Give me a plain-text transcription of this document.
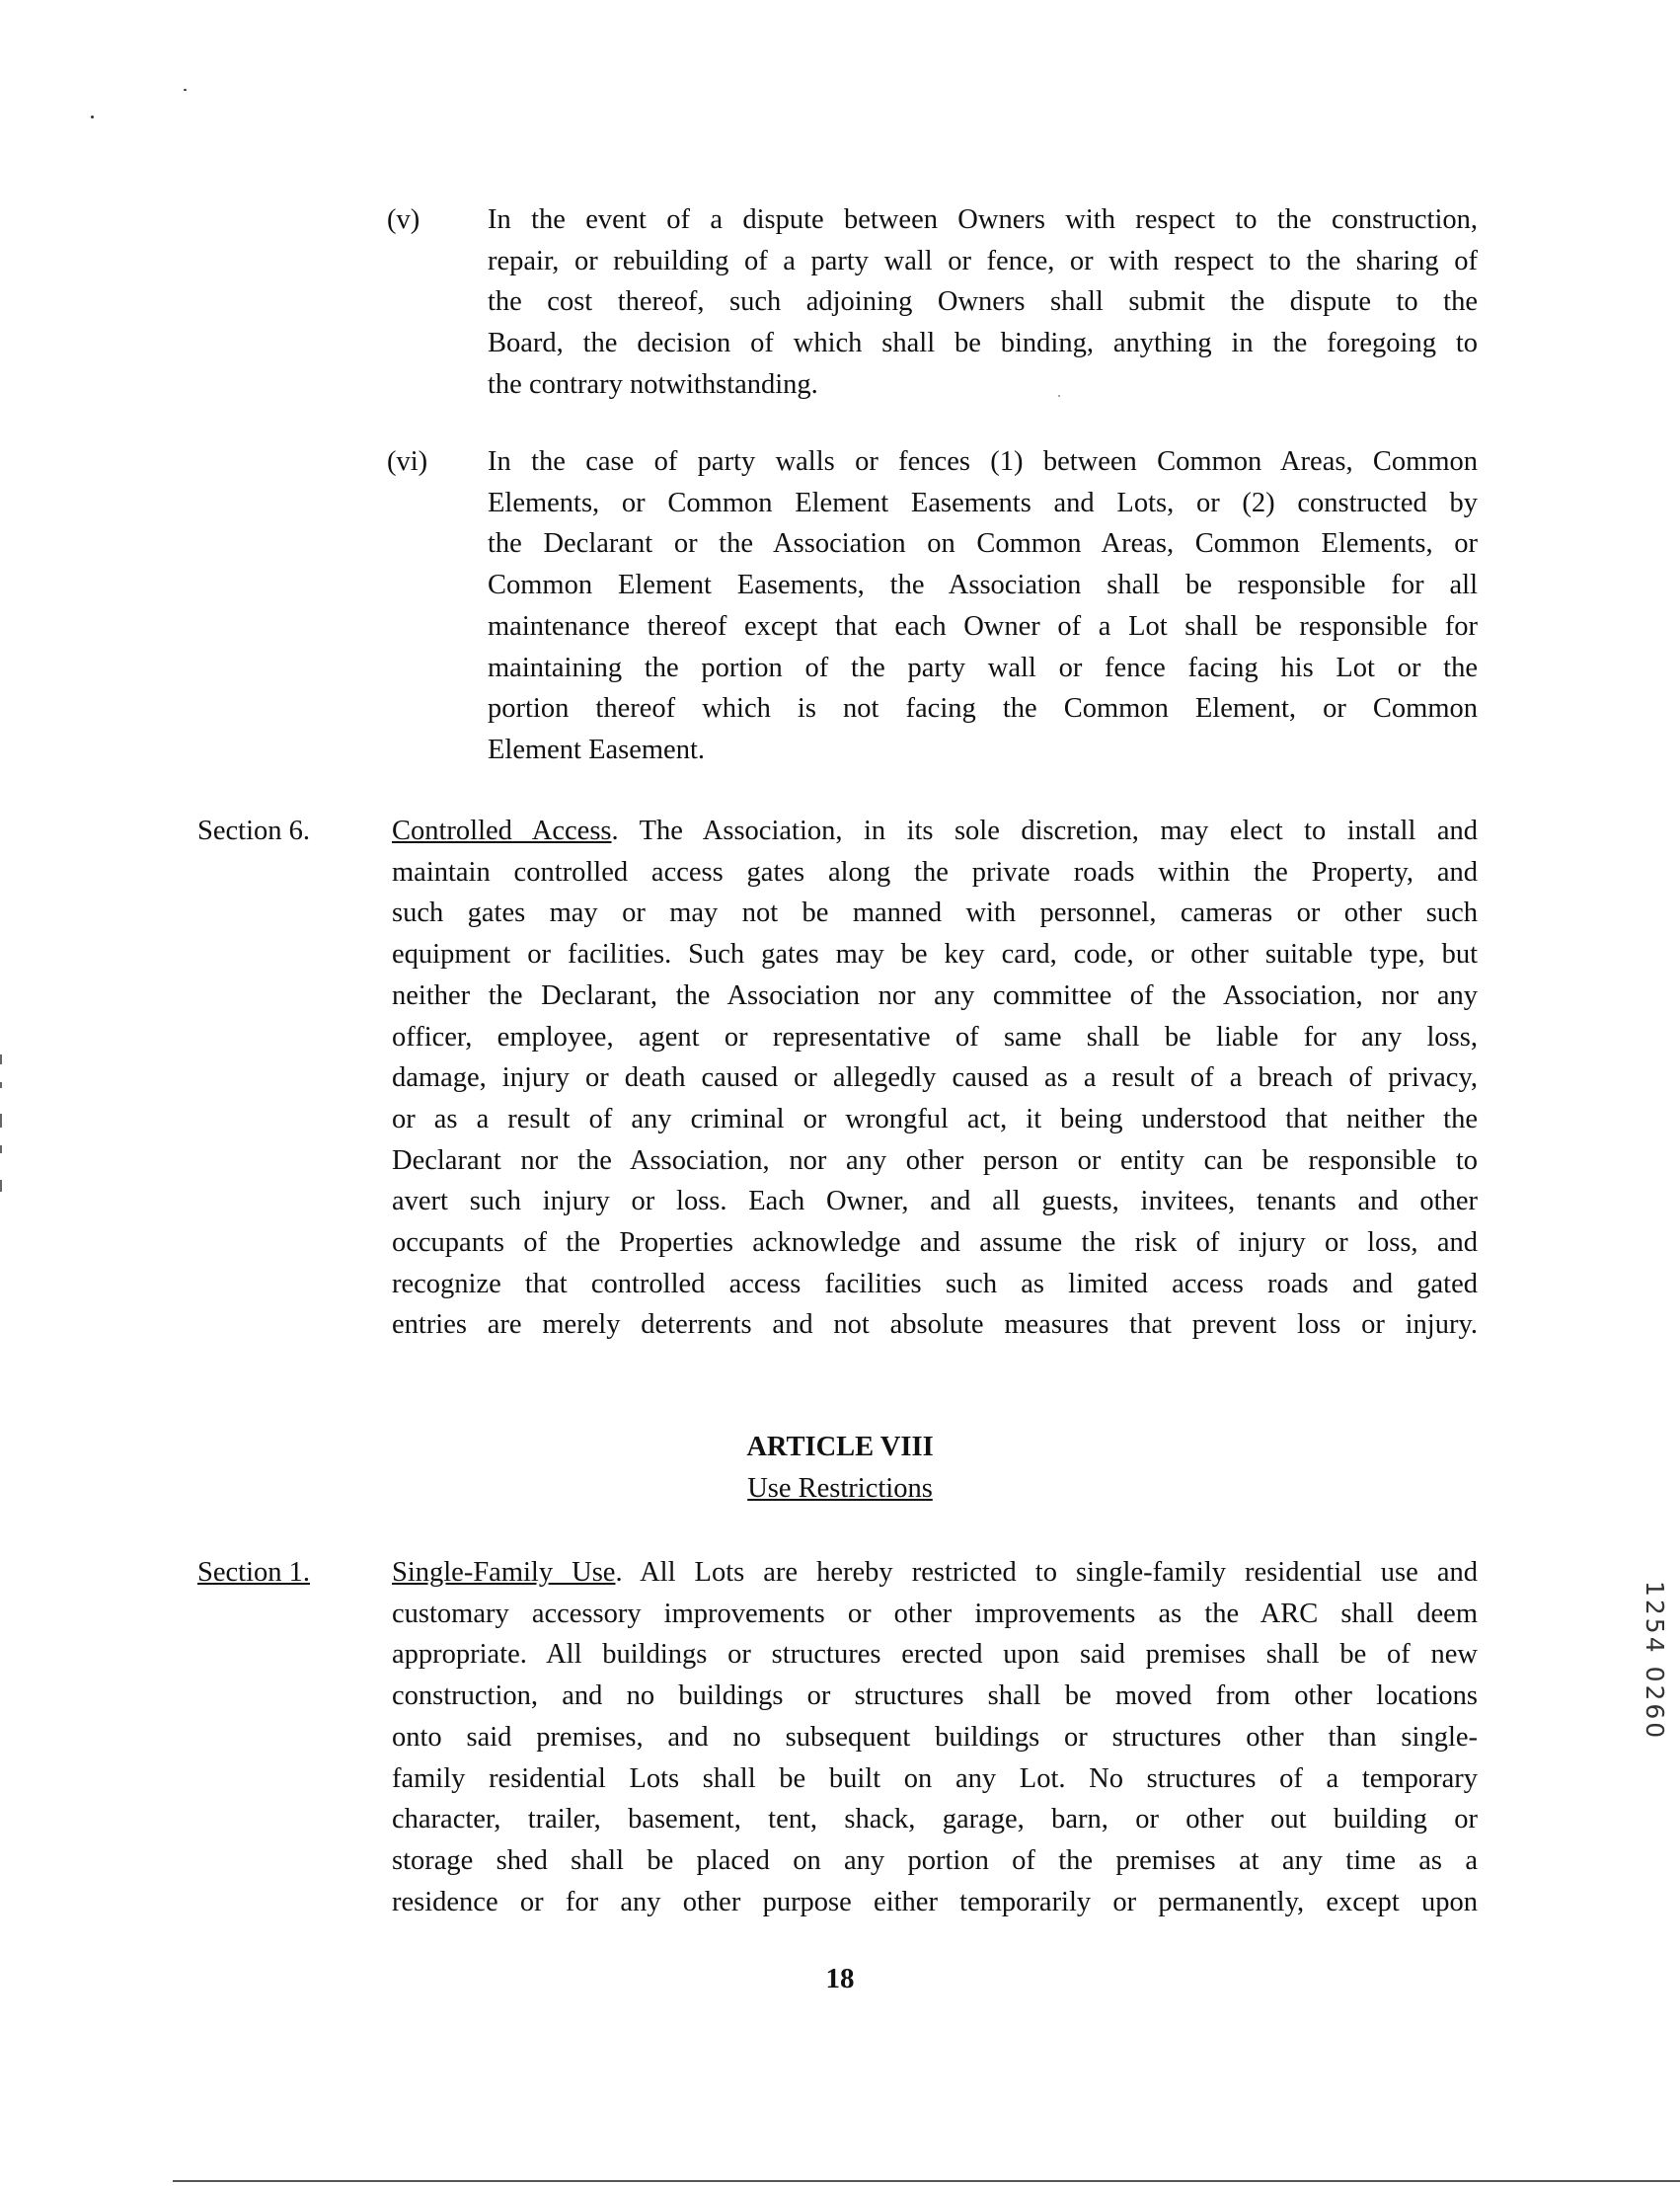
(v) In the event of a dispute between Owners with respect to the construction,
repair, or rebuilding of a party wall or fence, or with respect to the sharing of
the cost thereof, such adjoining Owners shall submit the dispute to the
Board, the decision of which shall be binding, anything in the foregoing to
the contrary notwithstanding.
(vi) In the case of party walls or fences (1) between Common Areas, Common
Elements, or Common Element Easements and Lots, or (2) constructed by
the Declarant or the Association on Common Areas, Common Elements, or
Common Element Easements, the Association shall be responsible for all
maintenance thereof except that each Owner of a Lot shall be responsible for
maintaining the portion of the party wall or fence facing his Lot or the
portion thereof which is not facing the Common Element, or Common
Element Easement.
Section 6.	Controlled Access. The Association, in its sole discretion, may elect to install and
maintain controlled access gates along the private roads within the Property, and
such gates may or may not be manned with personnel, cameras or other such
equipment or facilities. Such gates may be key card, code, or other suitable type, but
neither the Declarant, the Association nor any committee of the Association, nor any
officer, employee, agent or representative of same shall be liable for any loss,
damage, injury or death caused or allegedly caused as a result of a breach of privacy,
or as a result of any criminal or wrongful act, it being understood that neither the
Declarant nor the Association, nor any other person or entity can be responsible to
avert such injury or loss. Each Owner, and all guests, invitees, tenants and other
occupants of the Properties acknowledge and assume the risk of injury or loss, and
recognize that controlled access facilities such as limited access roads and gated
entries are merely deterrents and not absolute measures that prevent loss or injury.
ARTICLE VIII
Use Restrictions
Section 1.	Single-Family Use. All Lots are hereby restricted to single-family residential use and
customary accessory improvements or other improvements as the ARC shall deem
appropriate. All buildings or structures erected upon said premises shall be of new
construction, and no buildings or structures shall be moved from other locations
onto said premises, and no subsequent buildings or structures other than single-
family residential Lots shall be built on any Lot. No structures of a temporary
character, trailer, basement, tent, shack, garage, barn, or other out building or
storage shed shall be placed on any portion of the premises at any time as a
residence or for any other purpose either temporarily or permanently, except upon
18
1254 0260
